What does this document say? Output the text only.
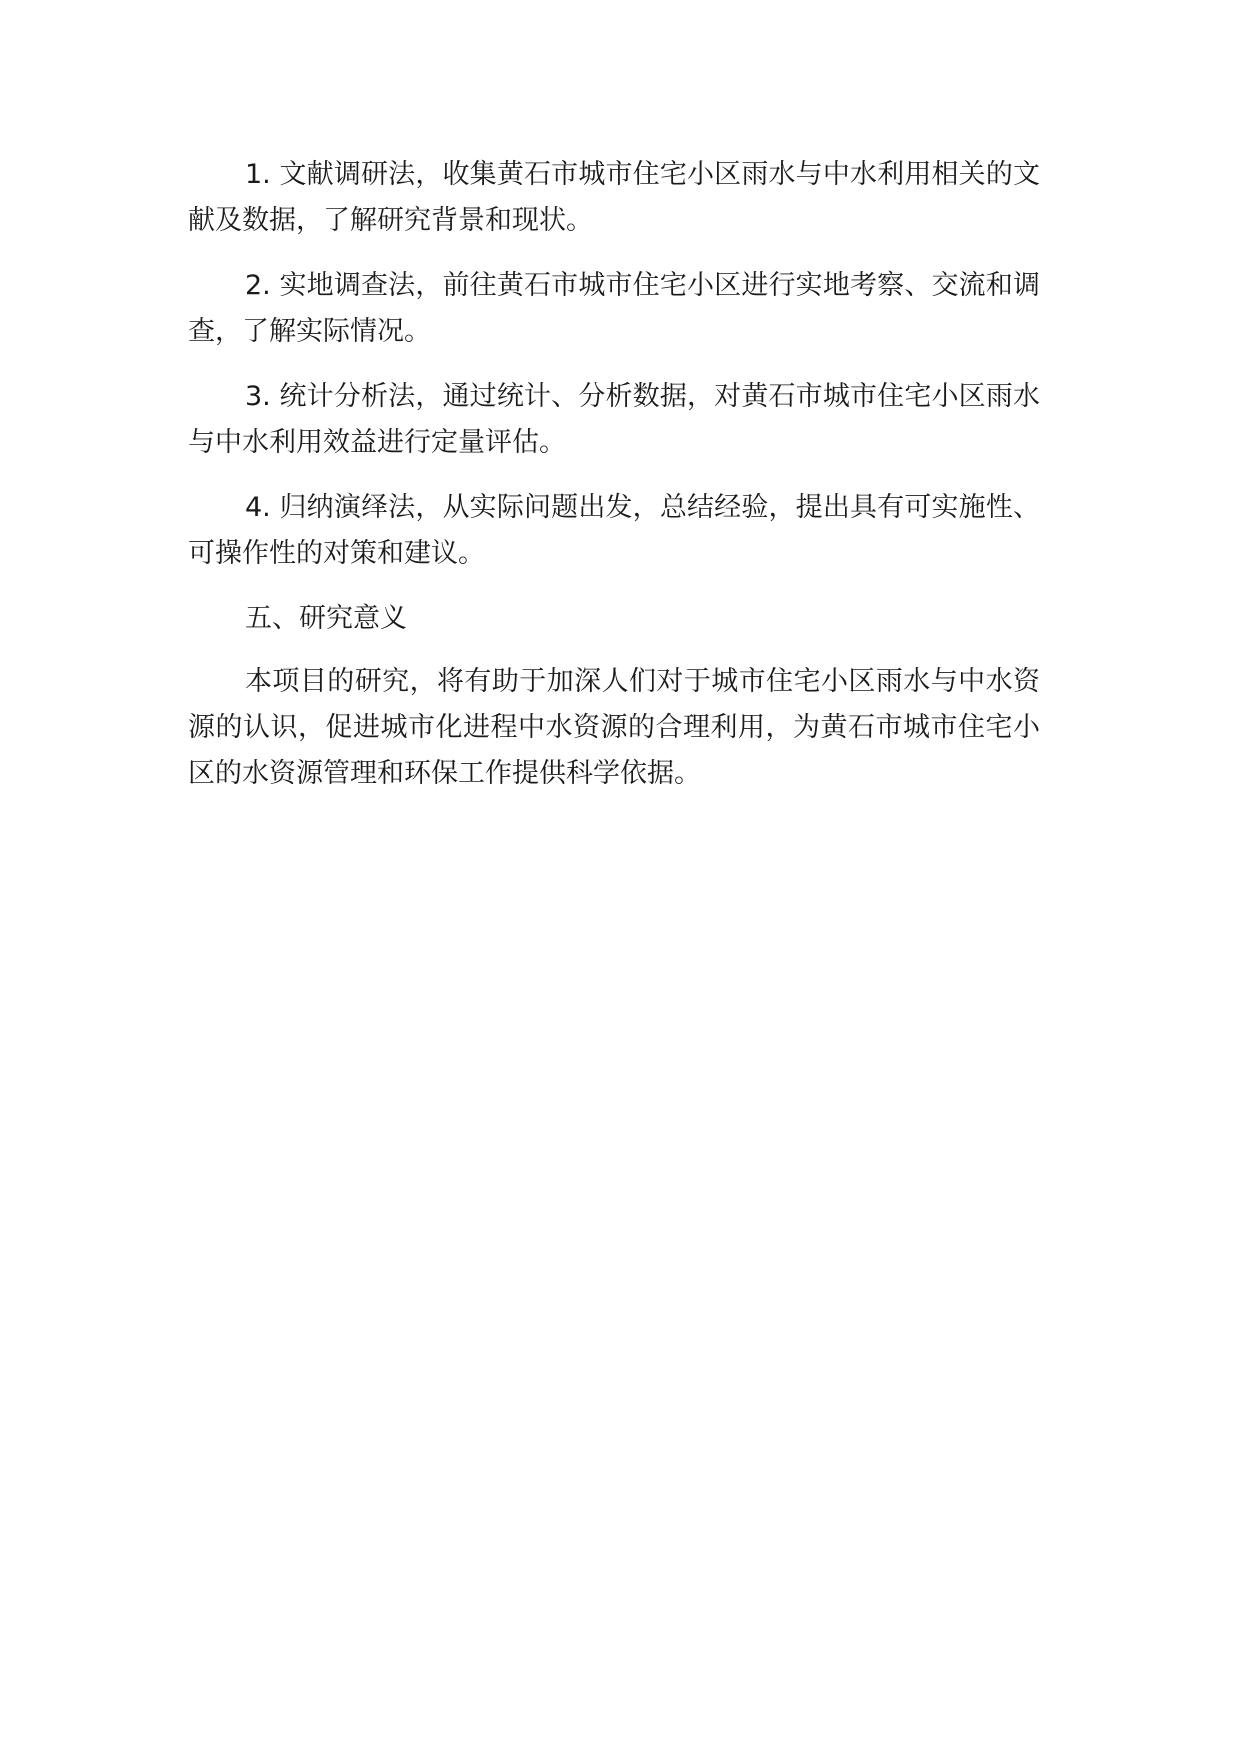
1. 文献调研法，收集黄石市城市住宅小区雨水与中水利用相关的文献及数据，了解研究背景和现状。

2. 实地调查法，前往黄石市城市住宅小区进行实地考察、交流和调查，了解实际情况。

3. 统计分析法，通过统计、分析数据，对黄石市城市住宅小区雨水与中水利用效益进行定量评估。

4. 归纳演绎法，从实际问题出发，总结经验，提出具有可实施性、可操作性的对策和建议。

五、研究意义

本项目的研究，将有助于加深人们对于城市住宅小区雨水与中水资源的认识，促进城市化进程中水资源的合理利用，为黄石市城市住宅小区的水资源管理和环保工作提供科学依据。
